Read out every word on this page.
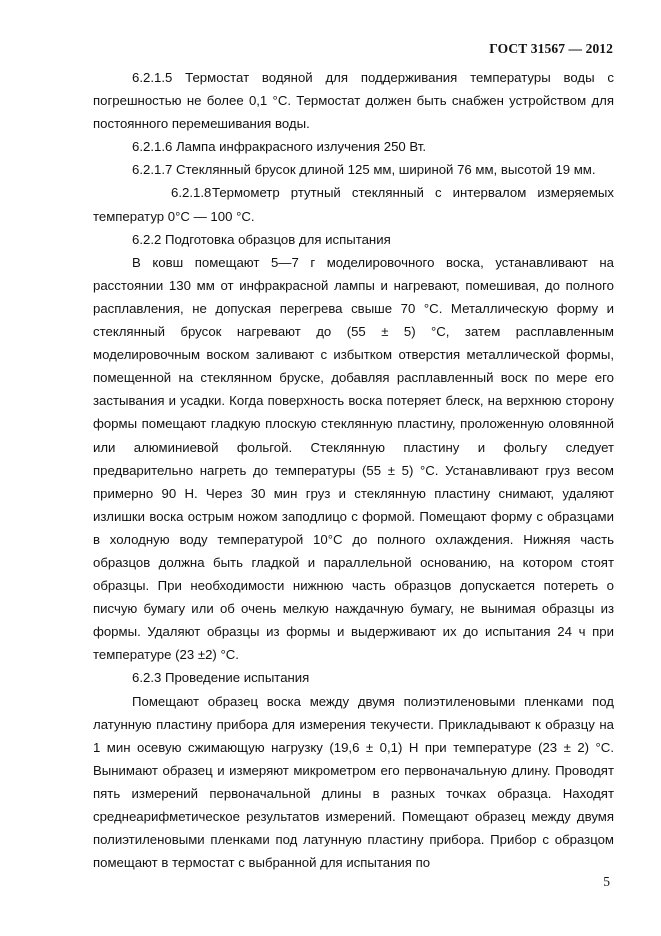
ГОСТ 31567 — 2012

6.2.1.5 Термостат водяной для поддерживания температуры воды с погрешностью не более 0,1 °С. Термостат должен быть снабжен устройством для постоянного перемешивания воды.

6.2.1.6 Лампа инфракрасного излучения 250 Вт.

6.2.1.7 Стеклянный брусок длиной 125 мм, шириной 76 мм, высотой 19 мм.

6.2.1.8Термометр ртутный стеклянный с интервалом измеряемых температур 0°С — 100 °С.

6.2.2 Подготовка образцов для испытания

В ковш помещают 5—7 г моделировочного воска, устанавливают на расстоянии 130 мм от инфракрасной лампы и нагревают, помешивая, до полного расплавления, не допуская перегрева свыше 70 °С. Металлическую форму и стеклянный брусок нагревают до (55 ± 5) °С, затем расплавленным моделировочным воском заливают с избытком отверстия металлической формы, помещенной на стеклянном бруске, добавляя расплавленный воск по мере его застывания и усадки. Когда поверхность воска потеряет блеск, на верхнюю сторону формы помещают гладкую плоскую стеклянную пластину, проложенную оловянной или алюминиевой фольгой. Стеклянную пластину и фольгу следует предварительно нагреть до температуры (55 ± 5) °С. Устанавливают груз весом примерно 90 Н. Через 30 мин груз и стеклянную пластину снимают, удаляют излишки воска острым ножом заподлицо с формой. Помещают форму с образцами в холодную воду температурой 10°С до полного охлаждения. Нижняя часть образцов должна быть гладкой и параллельной основанию, на котором стоят образцы. При необходимости нижнюю часть образцов допускается потереть о писчую бумагу или об очень мелкую наждачную бумагу, не вынимая образцы из формы. Удаляют образцы из формы и выдерживают их до испытания 24 ч при температуре (23 ±2) °С.

6.2.3 Проведение испытания

Помещают образец воска между двумя полиэтиленовыми пленками под латунную пластину прибора для измерения текучести. Прикладывают к образцу на 1 мин осевую сжимающую нагрузку (19,6 ± 0,1) Н при температуре (23 ± 2) °С. Вынимают образец и измеряют микрометром его первоначальную длину. Проводят пять измерений первоначальной длины в разных точках образца. Находят среднеарифметическое результатов измерений. Помещают образец между двумя полиэтиленовыми пленками под латунную пластину прибора. Прибор с образцом помещают в термостат с выбранной для испытания по

5
